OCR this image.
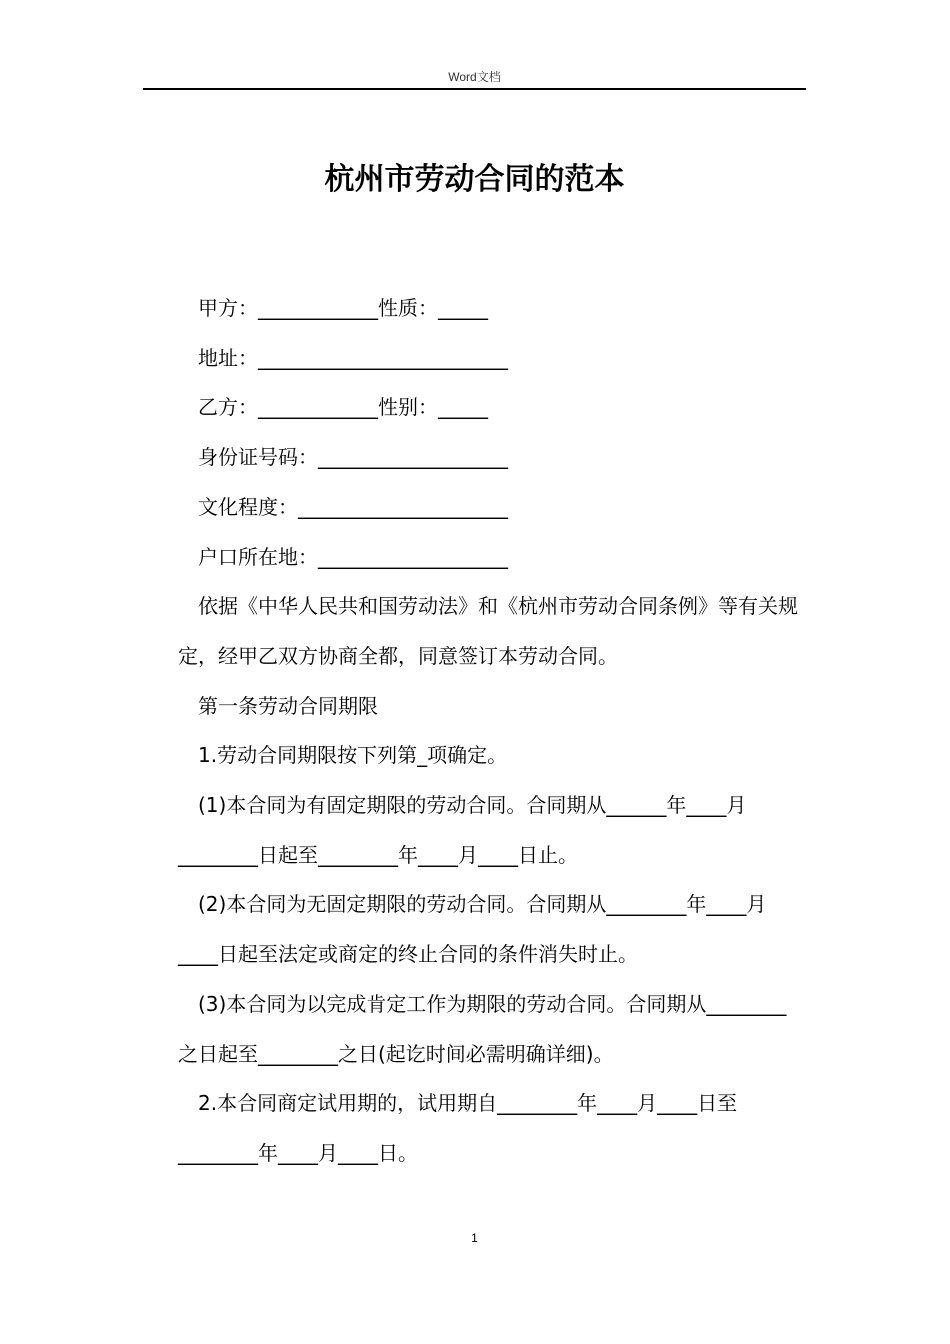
Word文档
杭州市劳动合同的范本

甲方：____________性质：_____

地址：_________________________

乙方：____________性别：_____

身份证号码：___________________

文化程度：_____________________

户口所在地：___________________

依据《中华人民共和国劳动法》和《杭州市劳动合同条例》等有关规定，经甲乙双方协商全都，同意签订本劳动合同。

第一条劳动合同期限

1.劳动合同期限按下列第_项确定。

(1)本合同为有固定期限的劳动合同。合同期从______年____月________日起至________年____月____日止。

(2)本合同为无固定期限的劳动合同。合同期从________年____月____日起至法定或商定的终止合同的条件消失时止。

(3)本合同为以完成肯定工作为期限的劳动合同。合同期从________之日起至________之日(起讫时间必需明确详细)。

2.本合同商定试用期的，试用期自________年____月____日至________年____月____日。

1
